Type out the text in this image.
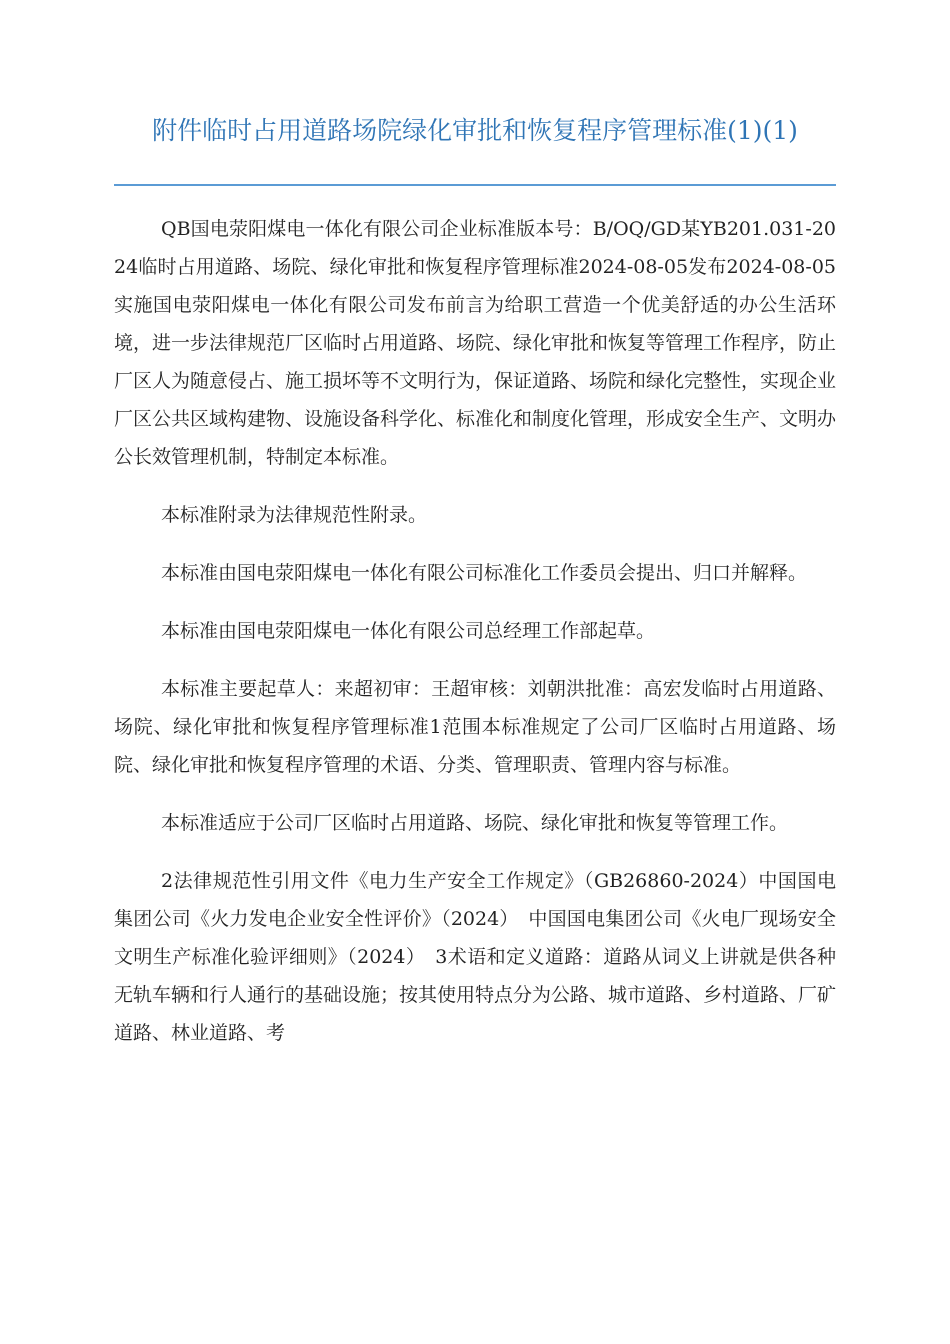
附件临时占用道路场院绿化审批和恢复程序管理标准(1)(1)

QB国电荥阳煤电一体化有限公司企业标准版本号：B/OQ/GD某YB201.031-2024临时占用道路、场院、绿化审批和恢复程序管理标准2024-08-05发布2024-08-05实施国电荥阳煤电一体化有限公司发布前言为给职工营造一个优美舒适的办公生活环境，进一步法律规范厂区临时占用道路、场院、绿化审批和恢复等管理工作程序，防止厂区人为随意侵占、施工损坏等不文明行为，保证道路、场院和绿化完整性，实现企业厂区公共区域构建物、设施设备科学化、标准化和制度化管理，形成安全生产、文明办公长效管理机制，特制定本标准。

本标准附录为法律规范性附录。

本标准由国电荥阳煤电一体化有限公司标准化工作委员会提出、归口并解释。

本标准由国电荥阳煤电一体化有限公司总经理工作部起草。

本标准主要起草人：来超初审：王超审核：刘朝洪批准：高宏发临时占用道路、场院、绿化审批和恢复程序管理标准1范围本标准规定了公司厂区临时占用道路、场院、绿化审批和恢复程序管理的术语、分类、管理职责、管理内容与标准。

本标准适应于公司厂区临时占用道路、场院、绿化审批和恢复等管理工作。

2法律规范性引用文件《电力生产安全工作规定》（GB26860-2024）中国国电集团公司《火力发电企业安全性评价》（2024）　中国国电集团公司《火电厂现场安全文明生产标准化验评细则》（2024）　3术语和定义道路：道路从词义上讲就是供各种无轨车辆和行人通行的基础设施；按其使用特点分为公路、城市道路、乡村道路、厂矿道路、林业道路、考
